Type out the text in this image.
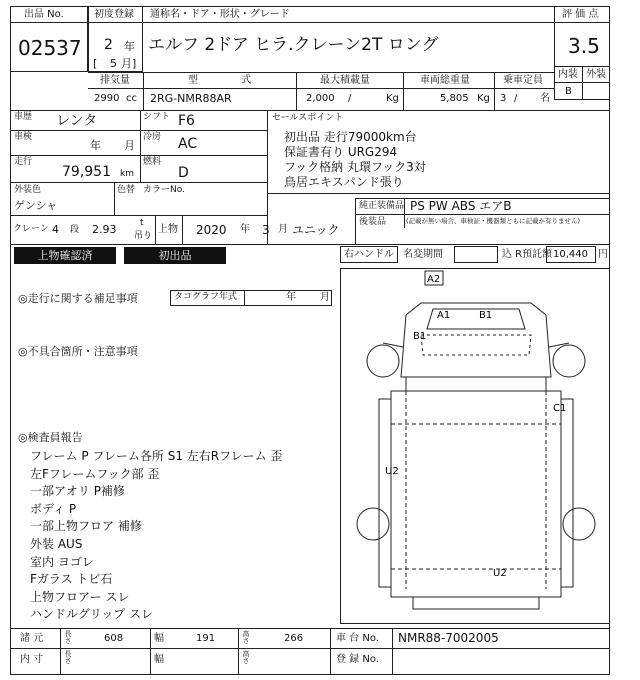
出品 No.
02537
初度登録
2 年
[ 5 月]
通称名・ドア・形状・グレード
エルフ 2ドア ヒラ.クレーン2T ロング
評 価 点
3.5
内装 外装
B
排気量
2990 cc
型 式
2RG-NMR88AR
最大積載量
2,000 /	Kg
車両総重量
5,805 Kg
乗車定員
3 / 名
車歴 レンタ	シフト F6
車検
年 月
冷房 AC
走行
79,951 km
燃料
D
外装色
ゲンシャ
色替 カラーNo.
クレーン 4 段 2.93	t
吊り
上物 2020 年 3 月 ユニック
セールスポイント
初出品 走行79000km台
保証書有り URG294
フック格納 丸環フック3対
鳥居エキスパンド張り
純正装備品 PS PW ABS エアB
後装品	(記載が無い場合、車検証・機器類ともに記載が有りません)
上物確認済	初出品	右ハンドル 名変期間	込 R預託額 10,440 円
◎走行に関する補足事項	タコグラフ年式	年 月
◎不具合箇所・注意事項
◎検査員報告
フレーム P フレーム各所 S1 左右Rフレーム 歪
左Fフレームフック部 歪
一部アオリ P補修
ボディ P
一部上物フロア 補修
外装 AUS
室内 ヨゴレ
Fガラス トビ石
上物フロアー スレ
ハンドルグリップ スレ
A2
A1	B1
B1
C1
U2
U2
諸 元	長さ	608	幅	191	高さ	266	車 台 No. NMR88-7002005
内 寸	長さ	幅	高さ	登 録 No.
